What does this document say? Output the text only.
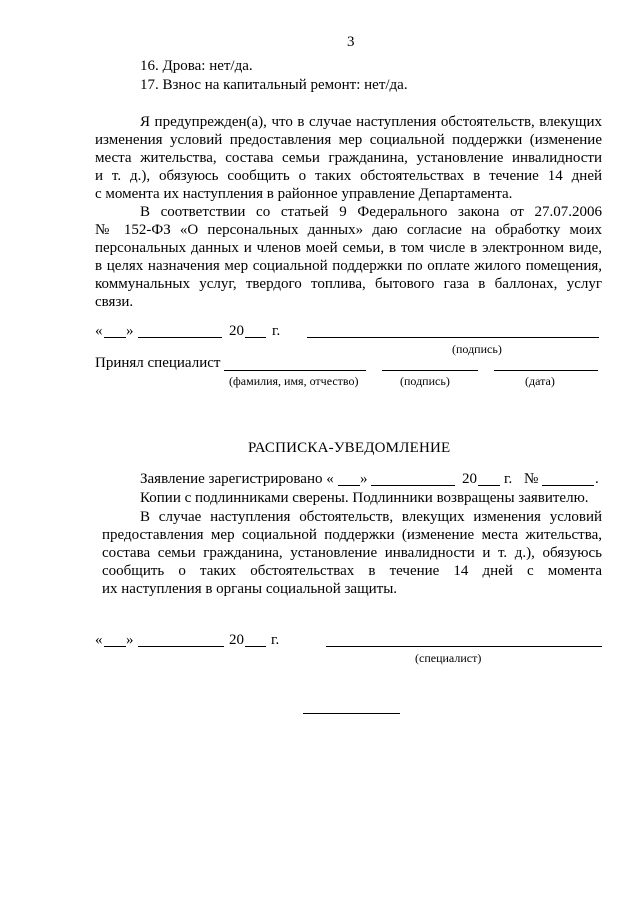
3
16. Дрова: нет/да.
17. Взнос на капитальный ремонт: нет/да.
Я предупрежден(а), что в случае наступления обстоятельств, влекущих
изменения условий предоставления мер социальной поддержки (изменение
места жительства, состава семьи гражданина, установление инвалидности
и т. д.), обязуюсь сообщить о таких обстоятельствах в течение 14 дней
с момента их наступления в районное управление Департамента.
В соответствии со статьей 9 Федерального закона от 27.07.2006
№ 152-ФЗ «О персональных данных» даю согласие на обработку моих
персональных данных и членов моей семьи, в том числе в электронном виде,
в целях назначения мер социальной поддержки по оплате жилого помещения,
коммунальных услуг, твердого топлива, бытового газа в баллонах, услуг
связи.
« »	20 г.
(подпись)
Принял специалист
(фамилия, имя, отчество)	(подпись)	(дата)
РАСПИСКА-УВЕДОМЛЕНИЕ
Заявление зарегистрировано « »	20 г. №	.
Копии с подлинниками сверены. Подлинники возвращены заявителю.
В случае наступления обстоятельств, влекущих изменения условий
предоставления мер социальной поддержки (изменение места жительства,
состава семьи гражданина, установление инвалидности и т. д.), обязуюсь
сообщить о таких обстоятельствах в течение 14 дней с момента
их наступления в органы социальной защиты.
« »	20 г.
(специалист)
